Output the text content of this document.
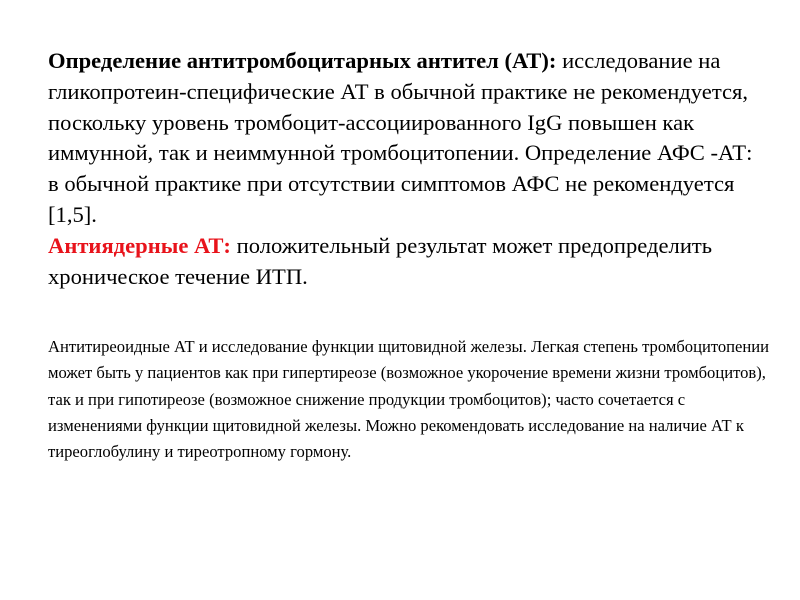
Определение антитромбоцитарных антител (АТ): исследование на гликопротеин-специфические АТ в обычной практике не рекомендуется, поскольку уровень тромбоцит-ассоциированного IgG повышен как иммунной, так и неиммунной тромбоцитопении. Определение АФС -АТ: в обычной практике при отсутствии симптомов АФС не рекомендуется [1,5].

Антиядерные АТ: положительный результат может предопределить хроническое течение ИТП.

Антитиреоидные АТ и исследование функции щитовидной железы. Легкая степень тромбоцитопении может быть у пациентов как при гипертиреозе (возможное укорочение времени жизни тромбоцитов), так и при гипотиреозе (возможное снижение продукции тромбоцитов); часто сочетается с изменениями функции щитовидной железы. Можно рекомендовать исследование на наличие АТ к тиреоглобулину и тиреотропному гормону.
